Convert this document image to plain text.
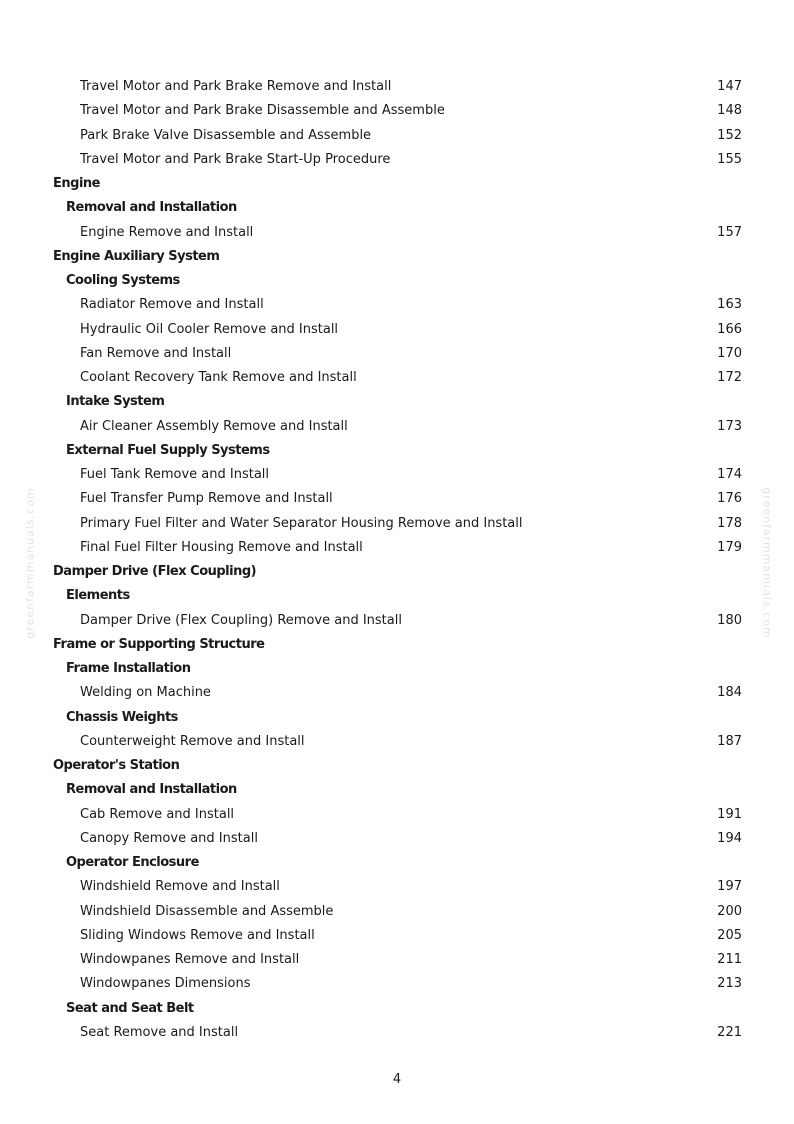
Travel Motor and Park Brake Remove and Install	147
Travel Motor and Park Brake Disassemble and Assemble	148
Park Brake Valve Disassemble and Assemble	152
Travel Motor and Park Brake Start-Up Procedure	155
Engine
Removal and Installation
Engine Remove and Install	157
Engine Auxiliary System
Cooling Systems
Radiator Remove and Install	163
Hydraulic Oil Cooler Remove and Install	166
Fan Remove and Install	170
Coolant Recovery Tank Remove and Install	172
Intake System
Air Cleaner Assembly Remove and Install	173
External Fuel Supply Systems
Fuel Tank Remove and Install	174
Fuel Transfer Pump Remove and Install	176
Primary Fuel Filter and Water Separator Housing Remove and Install	178
Final Fuel Filter Housing Remove and Install	179
Damper Drive (Flex Coupling)
Elements
Damper Drive (Flex Coupling) Remove and Install	180
Frame or Supporting Structure
Frame Installation
Welding on Machine	184
Chassis Weights
Counterweight Remove and Install	187
Operator's Station
Removal and Installation
Cab Remove and Install	191
Canopy Remove and Install	194
Operator Enclosure
Windshield Remove and Install	197
Windshield Disassemble and Assemble	200
Sliding Windows Remove and Install	205
Windowpanes Remove and Install	211
Windowpanes Dimensions	213
Seat and Seat Belt
Seat Remove and Install	221
4
greenfarmmanuals.com	greenfarmmanuals.com
